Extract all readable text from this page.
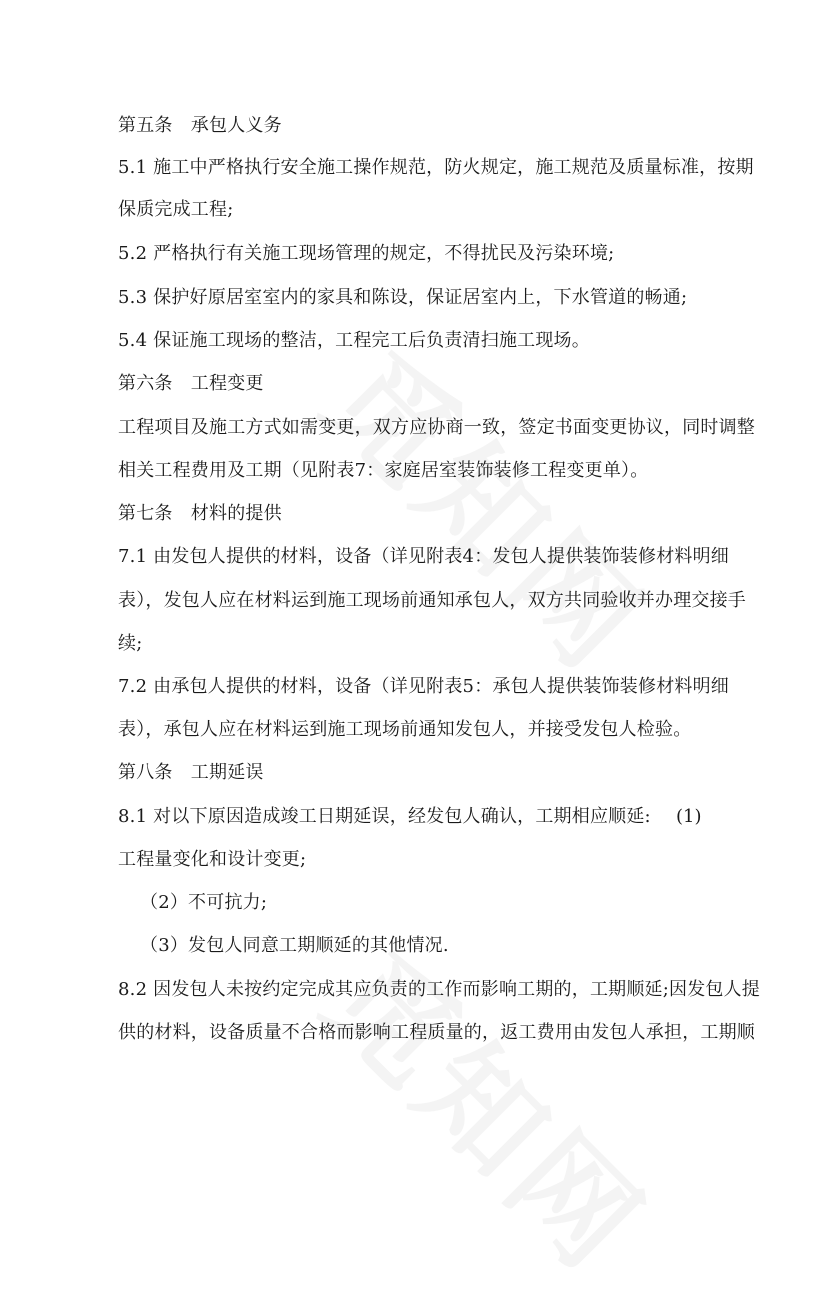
第五条　承包人义务
5.1 施工中严格执行安全施工操作规范，防火规定，施工规范及质量标准，按期
保质完成工程;
5.2 严格执行有关施工现场管理的规定，不得扰民及污染环境;
5.3 保护好原居室室内的家具和陈设，保证居室内上，下水管道的畅通;
5.4 保证施工现场的整洁，工程完工后负责清扫施工现场。
第六条　工程变更
工程项目及施工方式如需变更，双方应协商一致，签定书面变更协议，同时调整
相关工程费用及工期（见附表7：家庭居室装饰装修工程变更单）。
第七条　材料的提供
7.1 由发包人提供的材料，设备（详见附表4：发包人提供装饰装修材料明细
表），发包人应在材料运到施工现场前通知承包人，双方共同验收并办理交接手
续;
7.2 由承包人提供的材料，设备（详见附表5：承包人提供装饰装修材料明细
表），承包人应在材料运到施工现场前通知发包人，并接受发包人检验。
第八条　工期延误
8.1 对以下原因造成竣工日期延误，经发包人确认，工期相应顺延: (1)
工程量变化和设计变更;
（2）不可抗力;
（3）发包人同意工期顺延的其他情况.
8.2 因发包人未按约定完成其应负责的工作而影响工期的，工期顺延;因发包人提
供的材料，设备质量不合格而影响工程质量的，返工费用由发包人承担，工期顺
